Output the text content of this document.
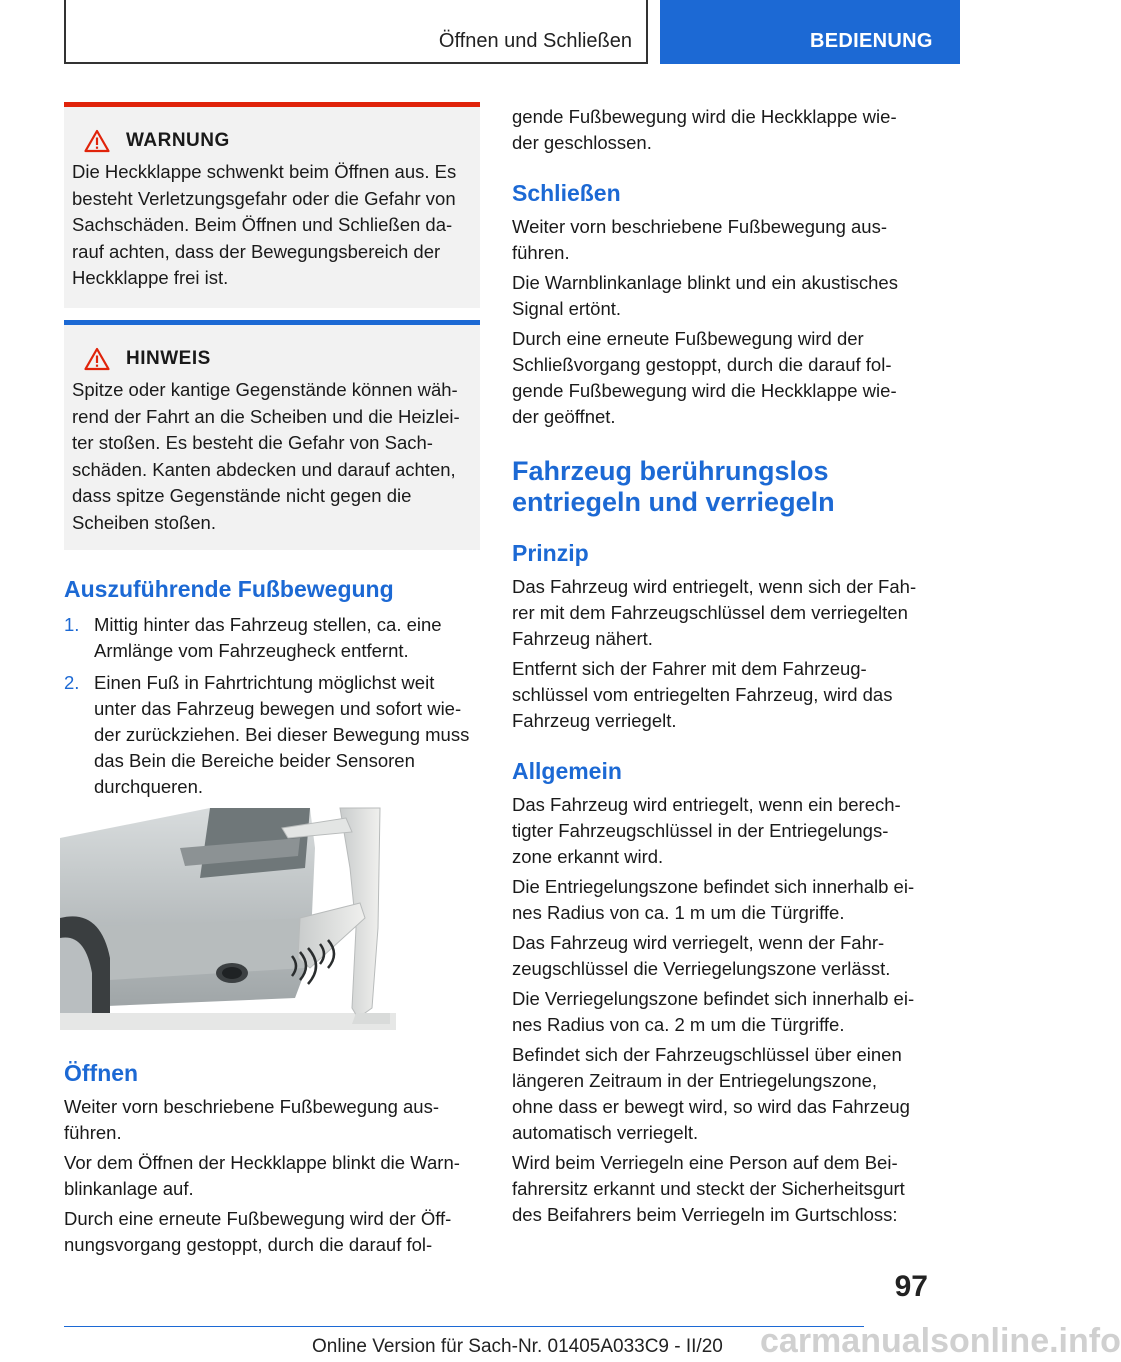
Öffnen und Schließen	BEDIENUNG
WARNUNG

Die Heckklappe schwenkt beim Öffnen aus. Es
besteht Verletzungsgefahr oder die Gefahr von
Sachschäden. Beim Öffnen und Schließen da-
rauf achten, dass der Bewegungsbereich der
Heckklappe frei ist.

HINWEIS

Spitze oder kantige Gegenstände können wäh-
rend der Fahrt an die Scheiben und die Heizlei-
ter stoßen. Es besteht die Gefahr von Sach-
schäden. Kanten abdecken und darauf achten,
dass spitze Gegenstände nicht gegen die
Scheiben stoßen.

Auszuführende Fußbewegung
1. Mittig hinter das Fahrzeug stellen, ca. eine
Armlänge vom Fahrzeugheck entfernt.
2. Einen Fuß in Fahrtrichtung möglichst weit
unter das Fahrzeug bewegen und sofort wie-
der zurückziehen. Bei dieser Bewegung muss
das Bein die Bereiche beider Sensoren
durchqueren.
Öffnen

Weiter vorn beschriebene Fußbewegung aus-
führen.

Vor dem Öffnen der Heckklappe blinkt die Warn-
blinkanlage auf.

Durch eine erneute Fußbewegung wird der Öff-
nungsvorgang gestoppt, durch die darauf fol-

gende Fußbewegung wird die Heckklappe wie-
der geschlossen.

Schließen

Weiter vorn beschriebene Fußbewegung aus-
führen.

Die Warnblinkanlage blinkt und ein akustisches
Signal ertönt.

Durch eine erneute Fußbewegung wird der
Schließvorgang gestoppt, durch die darauf fol-
gende Fußbewegung wird die Heckklappe wie-
der geöffnet.

Fahrzeug berührungslos
entriegeln und verriegeln
Prinzip

Das Fahrzeug wird entriegelt, wenn sich der Fah-
rer mit dem Fahrzeugschlüssel dem verriegelten
Fahrzeug nähert.

Entfernt sich der Fahrer mit dem Fahrzeug-
schlüssel vom entriegelten Fahrzeug, wird das
Fahrzeug verriegelt.

Allgemein

Das Fahrzeug wird entriegelt, wenn ein berech-
tigter Fahrzeugschlüssel in der Entriegelungs-
zone erkannt wird.

Die Entriegelungszone befindet sich innerhalb ei-
nes Radius von ca. 1 m um die Türgriffe.

Das Fahrzeug wird verriegelt, wenn der Fahr-
zeugschlüssel die Verriegelungszone verlässt.

Die Verriegelungszone befindet sich innerhalb ei-
nes Radius von ca. 2 m um die Türgriffe.

Befindet sich der Fahrzeugschlüssel über einen
längeren Zeitraum in der Entriegelungszone,
ohne dass er bewegt wird, so wird das Fahrzeug
automatisch verriegelt.

Wird beim Verriegeln eine Person auf dem Bei-
fahrersitz erkannt und steckt der Sicherheitsgurt
des Beifahrers beim Verriegeln im Gurtschloss:

97
Online Version für Sach-Nr. 01405A033C9 - II/20 carmanualsonline.info
